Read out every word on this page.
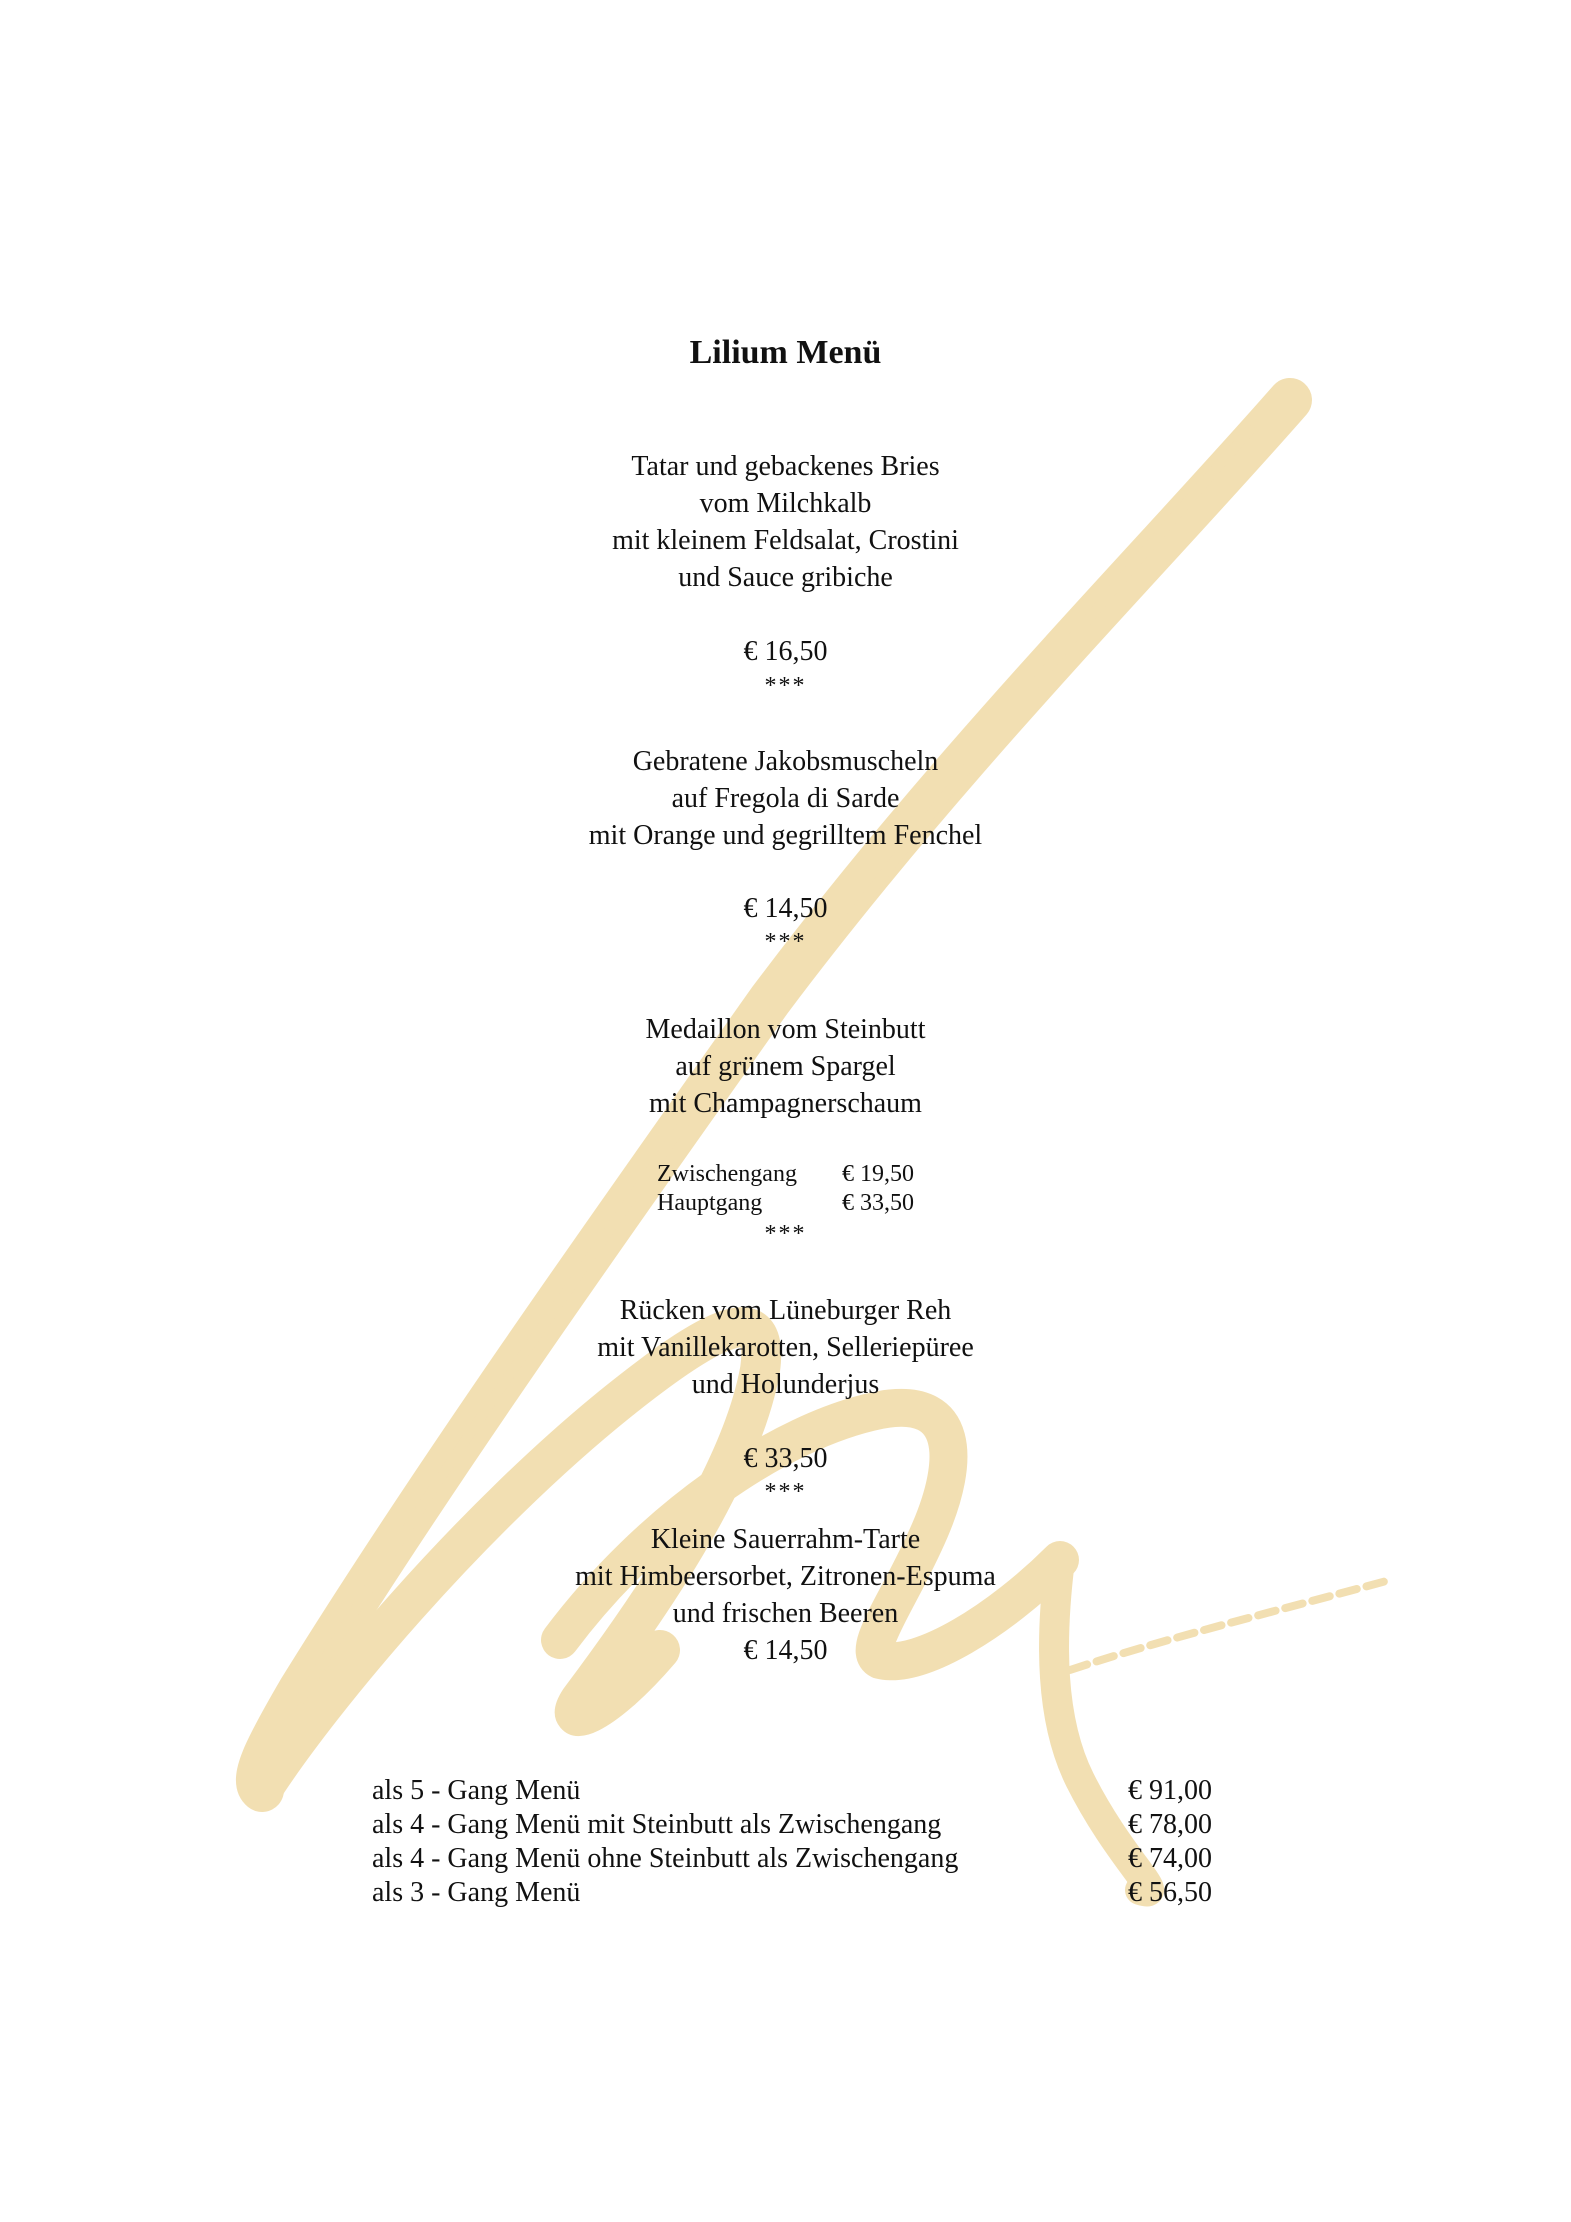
Lilium Menü
Tatar und gebackenes Bries
vom Milchkalb
mit kleinem Feldsalat, Crostini
und Sauce gribiche
€ 16,50
***
Gebratene Jakobsmuscheln
auf Fregola di Sarde
mit Orange und gegrilltem Fenchel
€ 14,50
***
Medaillon vom Steinbutt
auf grünem Spargel
mit Champagnerschaum
Zwischengang	€ 19,50
Hauptgang	€ 33,50
***
Rücken vom Lüneburger Reh
mit Vanillekarotten, Selleriepüree
und Holunderjus
€ 33,50
***
Kleine Sauerrahm-Tarte
mit Himbeersorbet, Zitronen-Espuma
und frischen Beeren
€ 14,50
als 5 - Gang Menü	€ 91,00
als 4 - Gang Menü mit Steinbutt als Zwischengang	€ 78,00
als 4 - Gang Menü ohne Steinbutt als Zwischengang	€ 74,00
als 3 - Gang Menü	€ 56,50
